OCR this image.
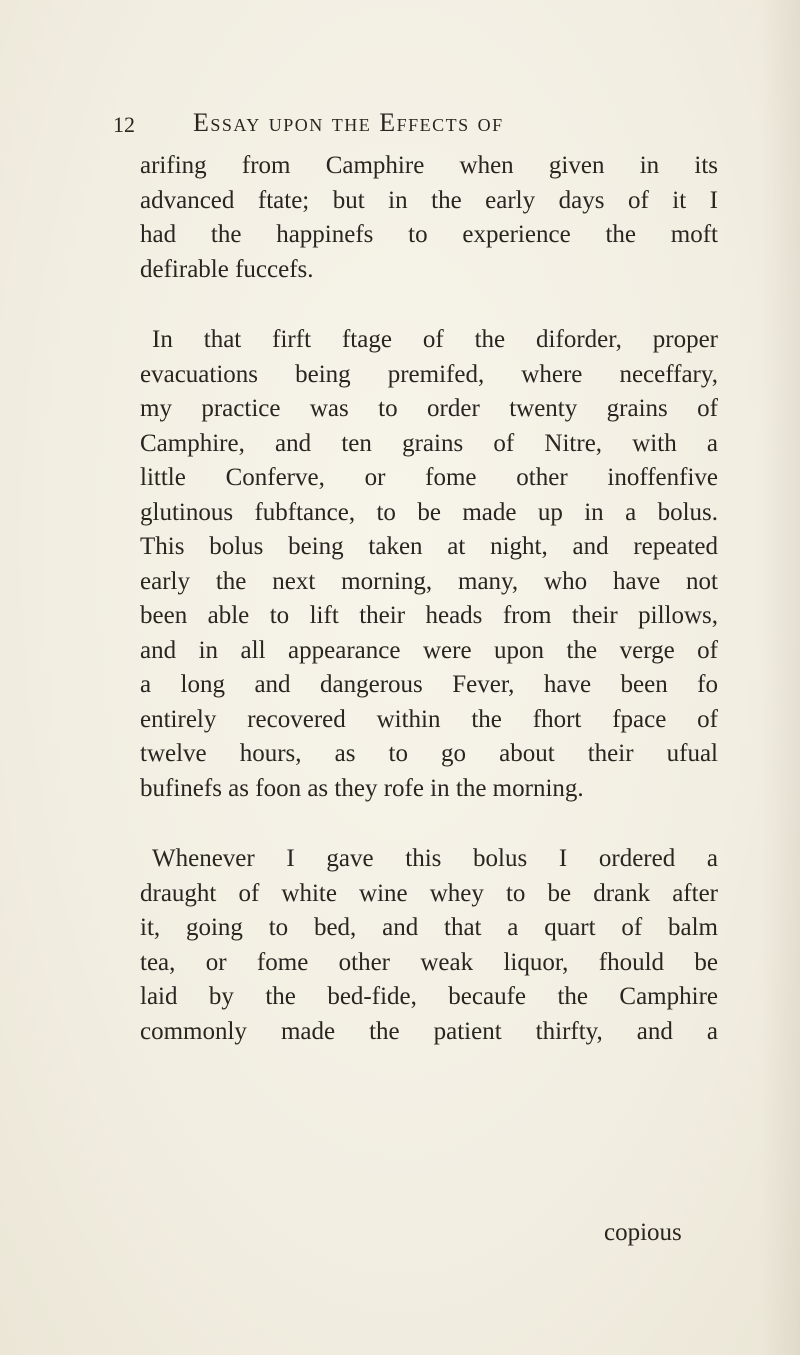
12 Essay upon the Effects of
arifing from Camphire when given in its
advanced ftate; but in the early days of it I
had the happinefs to experience the moft
defirable fuccefs.
In that firft ftage of the diforder, proper
evacuations being premifed, where neceffary,
my practice was to order twenty grains of
Camphire, and ten grains of Nitre, with a
little Conferve, or fome other inoffenfive
glutinous fubftance, to be made up in a bolus.
This bolus being taken at night, and repeated
early the next morning, many, who have not
been able to lift their heads from their pillows,
and in all appearance were upon the verge of
a long and dangerous Fever, have been fo
entirely recovered within the fhort fpace of
twelve hours, as to go about their ufual
bufinefs as foon as they rofe in the morning.
Whenever I gave this bolus I ordered a
draught of white wine whey to be drank after
it, going to bed, and that a quart of balm
tea, or fome other weak liquor, fhould be
laid by the bed-fide, becaufe the Camphire
commonly made the patient thirfty, and a
copious
